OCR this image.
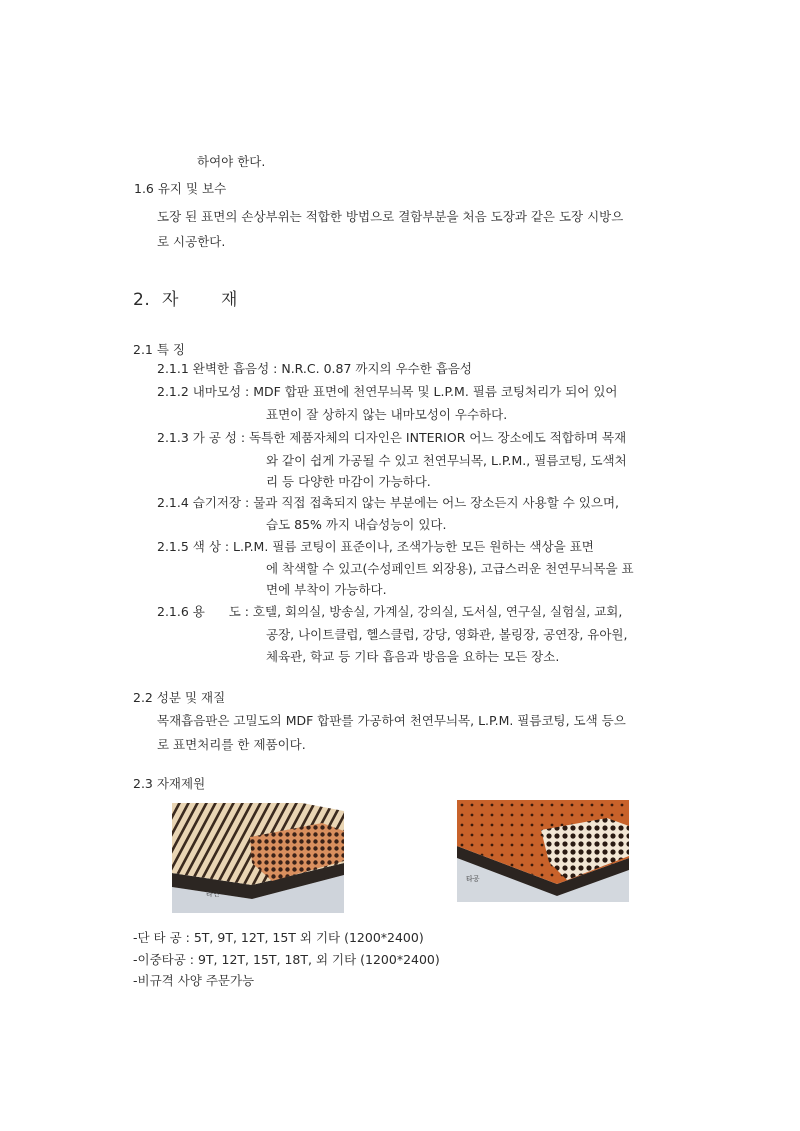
하여야 한다.
1.6 유지 및 보수
도장 된 표면의 손상부위는 적합한 방법으로 결함부분을 처음 도장과 같은 도장 시방으
로 시공한다.
2. 자 재
2.1 특 징
2.1.1 완벽한 흡음성 : N.R.C. 0.87 까지의 우수한 흡음성
2.1.2 내마모성 : MDF 합판 표면에 천연무늬목 및 L.P.M. 필름 코팅처리가 되어 있어
표면이 잘 상하지 않는 내마모성이 우수하다.
2.1.3 가 공 성 : 독특한 제품자체의 디자인은 INTERIOR 어느 장소에도 적합하며 목재
와 같이 쉽게 가공될 수 있고 천연무늬목, L.P.M., 필름코팅, 도색처
리 등 다양한 마감이 가능하다.
2.1.4 습기저장 : 물과 직접 접촉되지 않는 부분에는 어느 장소든지 사용할 수 있으며,
습도 85% 까지 내습성능이 있다.
2.1.5 색 상 : L.P.M. 필름 코팅이 표준이나, 조색가능한 모든 원하는 색상을 표면
에 착색할 수 있고(수성페인트 외장용), 고급스러운 천연무늬목을 표
면에 부착이 가능하다.
2.1.6 용      도 : 호텔, 회의실, 방송실, 가계실, 강의실, 도서실, 연구실, 실험실, 교회,
공장, 나이트클럽, 헬스클럽, 강당, 영화관, 볼링장, 공연장, 유아원,
체육관, 학교 등 기타 흡음과 방음을 요하는 모든 장소.
2.2 성분 및 재질
목재흡음판은 고밀도의 MDF 합판를 가공하여 천연무늬목, L.P.M. 필름코팅, 도색 등으
로 표면처리를 한 제품이다.
2.3 자재제원
라인
타공
-단 타 공 : 5T, 9T, 12T, 15T 외 기타 (1200*2400)
-이중타공 : 9T, 12T, 15T, 18T, 외 기타 (1200*2400)
-비규격 사양 주문가능
